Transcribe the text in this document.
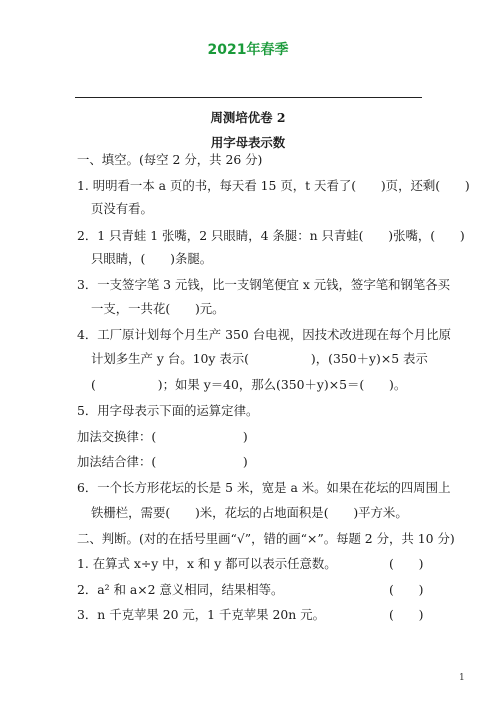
2021年春季
周测培优卷 2
用字母表示数
一、填空。(每空 2 分，共 26 分)
1. 明明看一本 a 页的书，每天看 15 页，t 天看了(　　)页，还剩(　　)
页没有看。
2．1 只青蛙 1 张嘴，2 只眼睛，4 条腿：n 只青蛙(　　)张嘴，(　　)
只眼睛，(　　)条腿。
3．一支签字笔 3 元钱，比一支钢笔便宜 x 元钱，签字笔和钢笔各买
一支，一共花(　　)元。
4．工厂原计划每个月生产 350 台电视，因技术改进现在每个月比原
计划多生产 y 台。10y 表示(　　　　　)，(350＋y)×5 表示
(　　　　　)；如果 y＝40，那么(350＋y)×5＝(　　)。
5．用字母表示下面的运算定律。
加法交换律：(　　　　　　　)
加法结合律：(　　　　　　　)
6．一个长方形花坛的长是 5 米，宽是 a 米。如果在花坛的四周围上
铁栅栏，需要(　　)米，花坛的占地面积是(　　)平方米。
二、判断。(对的在括号里画“√”，错的画“×”。每题 2 分，共 10 分)
1. 在算式 x÷y 中，x 和 y 都可以表示任意数。
2．a² 和 a×2 意义相同，结果相等。
3．n 千克苹果 20 元，1 千克苹果 20n 元。
(　　)
(　　)
(　　)
1
